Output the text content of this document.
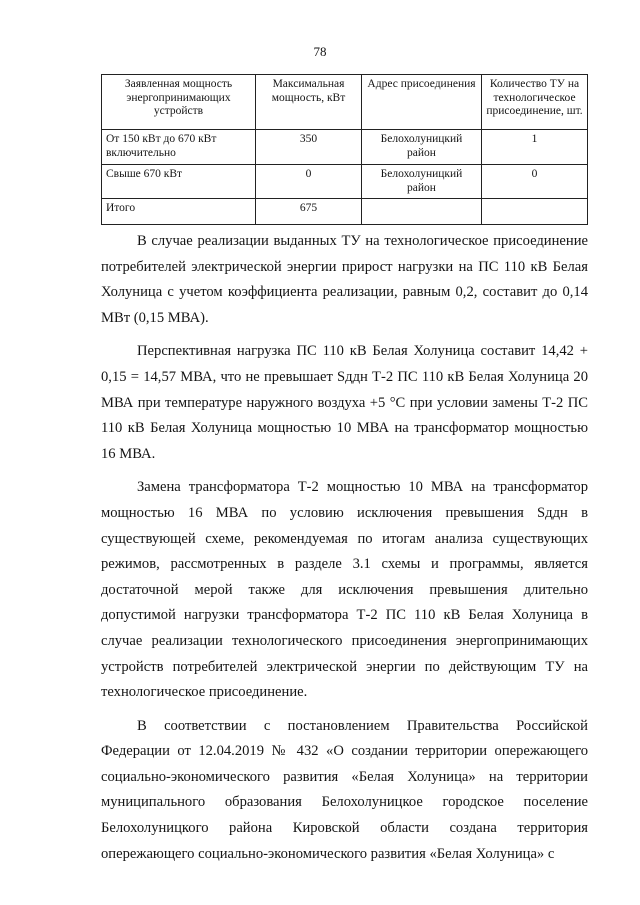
78
Заявленная мощность энергопринимающих устройств	Максимальная мощность, кВт	Адрес присоединения	Количество ТУ на технологическое присоединение, шт.
От 150 кВт до 670 кВт включительно	350	Белохолуницкий район	1
Свыше 670 кВт	0	Белохолуницкий район	0
Итого	675		

В случае реализации выданных ТУ на технологическое присоединение потребителей электрической энергии прирост нагрузки на ПС 110 кВ Белая Холуница с учетом коэффициента реализации, равным 0,2, составит до 0,14 МВт (0,15 МВА).

Перспективная нагрузка ПС 110 кВ Белая Холуница составит 14,42 + 0,15 = 14,57 МВА, что не превышает Sддн Т-2 ПС 110 кВ Белая Холуница 20 МВА при температуре наружного воздуха +5 °С при условии замены Т-2 ПС 110 кВ Белая Холуница мощностью 10 МВА на трансформатор мощностью 16 МВА.

Замена трансформатора Т-2 мощностью 10 МВА на трансформатор мощностью 16 МВА по условию исключения превышения Sддн в существующей схеме, рекомендуемая по итогам анализа существующих режимов, рассмотренных в разделе 3.1 схемы и программы, является достаточной мерой также для исключения превышения длительно допустимой нагрузки трансформатора Т-2 ПС 110 кВ Белая Холуница в случае реализации технологического присоединения энергопринимающих устройств потребителей электрической энергии по действующим ТУ на технологическое присоединение.

В соответствии с постановлением Правительства Российской Федерации от 12.04.2019 № 432 «О создании территории опережающего социально-экономического развития «Белая Холуница» на территории муниципального образования Белохолуницкое городское поселение Белохолуницкого района Кировской области создана территория опережающего социально-экономического развития «Белая Холуница» с
